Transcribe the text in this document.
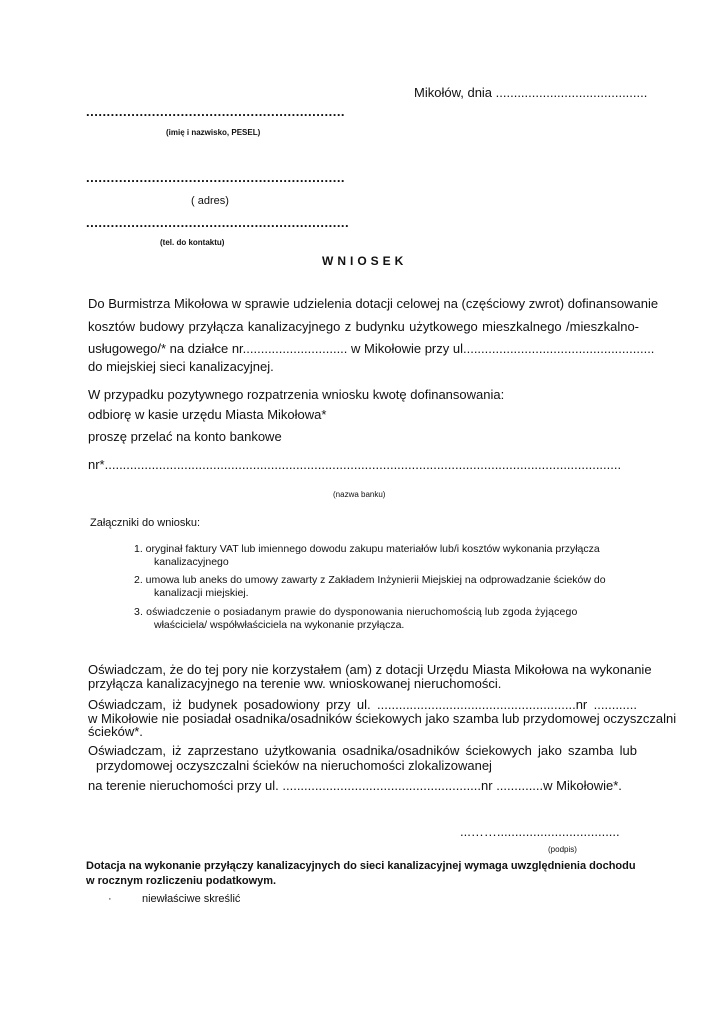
Mikołów, dnia ..........................................
...............................................................
(imię i nazwisko, PESEL)
...............................................................
( adres)
................................................................
(tel. do kontaktu)
WNIOSEK
Do Burmistrza Mikołowa w sprawie udzielenia dotacji celowej na (częściowy zwrot) dofinansowanie
kosztów budowy przyłącza kanalizacyjnego z budynku użytkowego mieszkalnego /mieszkalno-
usługowego/* na działce nr............................. w Mikołowie przy ul.....................................................
do miejskiej sieci kanalizacyjnej.
W przypadku pozytywnego rozpatrzenia wniosku kwotę dofinansowania:
odbiorę w kasie urzędu Miasta Mikołowa*
proszę przelać na konto bankowe
nr*...............................................................................................................................................
(nazwa banku)
Załączniki do wniosku:
1. oryginał faktury VAT lub imiennego dowodu zakupu materiałów lub/i kosztów wykonania przyłącza
kanalizacyjnego
2. umowa lub aneks do umowy zawarty z Zakładem Inżynierii Miejskiej na odprowadzanie ścieków do
kanalizacji miejskiej.
3. oświadczenie o posiadanym prawie do dysponowania nieruchomością lub zgoda żyjącego
właściciela/ współwłaściciela na wykonanie przyłącza.
Oświadczam, że do tej pory nie korzystałem (am) z dotacji Urzędu Miasta Mikołowa na wykonanie
przyłącza kanalizacyjnego na terenie ww. wnioskowanej nieruchomości.
Oświadczam, iż budynek posadowiony przy ul. .......................................................nr ............
w Mikołowie nie posiadał osadnika/osadników ściekowych jako szamba lub przydomowej oczyszczalni
ścieków*.
Oświadczam, iż zaprzestano użytkowania osadnika/osadników ściekowych jako szamba lub
przydomowej oczyszczalni ścieków na nieruchomości zlokalizowanej
na terenie nieruchomości przy ul. .......................................................nr .............w Mikołowie*.
...……..................................
(podpis)
Dotacja na wykonanie przyłączy kanalizacyjnych do sieci kanalizacyjnej wymaga uwzględnienia dochodu
w rocznym rozliczeniu podatkowym.
·	niewłaściwe skreślić
